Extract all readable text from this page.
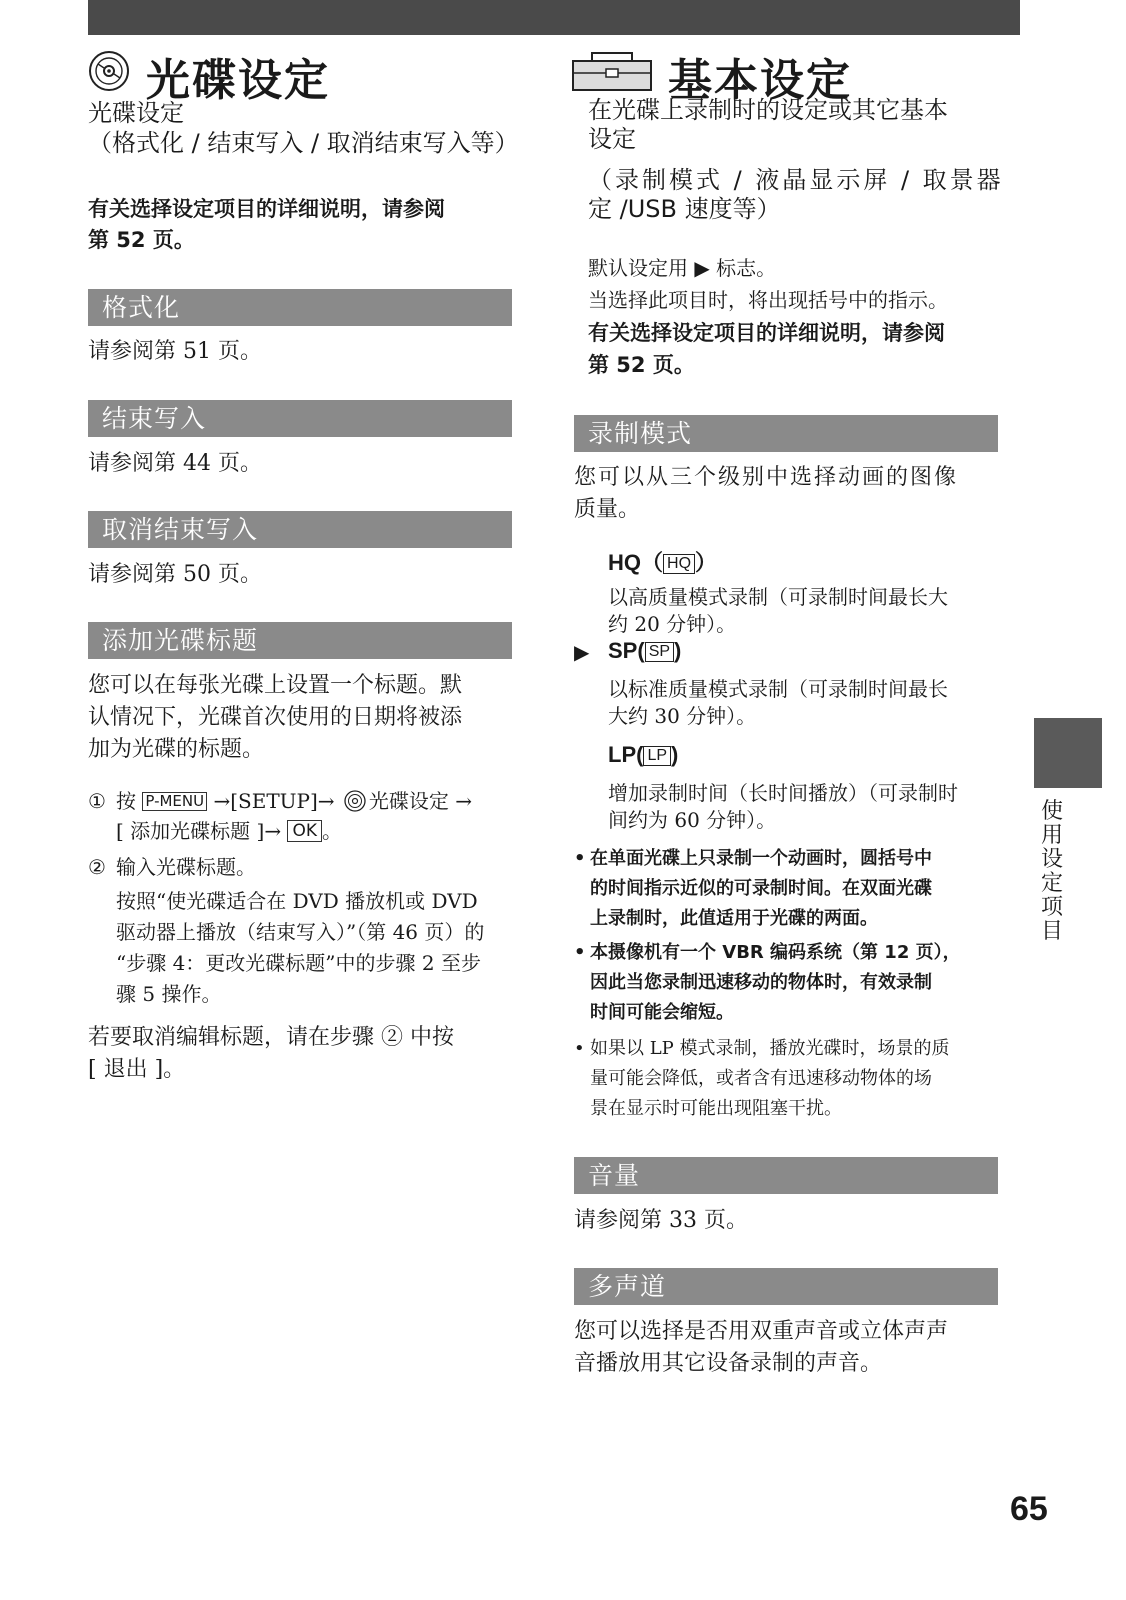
光碟设定
光碟设定
（格式化 / 结束写入 / 取消结束写入等）
有关选择设定项目的详细说明，请参阅
第 52 页。
格式化
请参阅第 51 页。
结束写入
请参阅第 44 页。
取消结束写入
请参阅第 50 页。
添加光碟标题
您可以在每张光碟上设置一个标题。默
认情况下，光碟首次使用的日期将被添
加为光碟的标题。
① 按 P-MENU →[SETUP]→ 光碟设定 →
[ 添加光碟标题 ]→ OK 。
② 输入光碟标题。
按照“使光碟适合在 DVD 播放机或 DVD
驱动器上播放（结束写入）”（第 46 页）的
“步骤 4：更改光碟标题”中的步骤 2 至步
骤 5 操作。
若要取消编辑标题，请在步骤 ② 中按
[ 退出 ]。
基本设定
在光碟上录制时的设定或其它基本
设定
（录制模式 / 液晶显示屏 / 取景器
定 /USB 速度等）
默认设定用 ▶ 标志。
当选择此项目时，将出现括号中的指示。
有关选择设定项目的详细说明，请参阅
第 52 页。
录制模式
您可以从三个级别中选择动画的图像
质量。
HQ（ HQ ）
以高质量模式录制（可录制时间最长大
约 20 分钟）。
▶ SP( SP )
以标准质量模式录制（可录制时间最长
大约 30 分钟）。
LP( LP )
增加录制时间（长时间播放）（可录制时
间约为 60 分钟）。
• 在单面光碟上只录制一个动画时，圆括号中
的时间指示近似的可录制时间。在双面光碟
上录制时，此值适用于光碟的两面。
• 本摄像机有一个 VBR 编码系统（第 12 页），
因此当您录制迅速移动的物体时，有效录制
时间可能会缩短。
• 如果以 LP 模式录制，播放光碟时，场景的质
量可能会降低，或者含有迅速移动物体的场
景在显示时可能出现阻塞干扰。
音量
请参阅第 33 页。
多声道
您可以选择是否用双重声音或立体声声
音播放用其它设备录制的声音。
使
用
设
定
项
目
65
